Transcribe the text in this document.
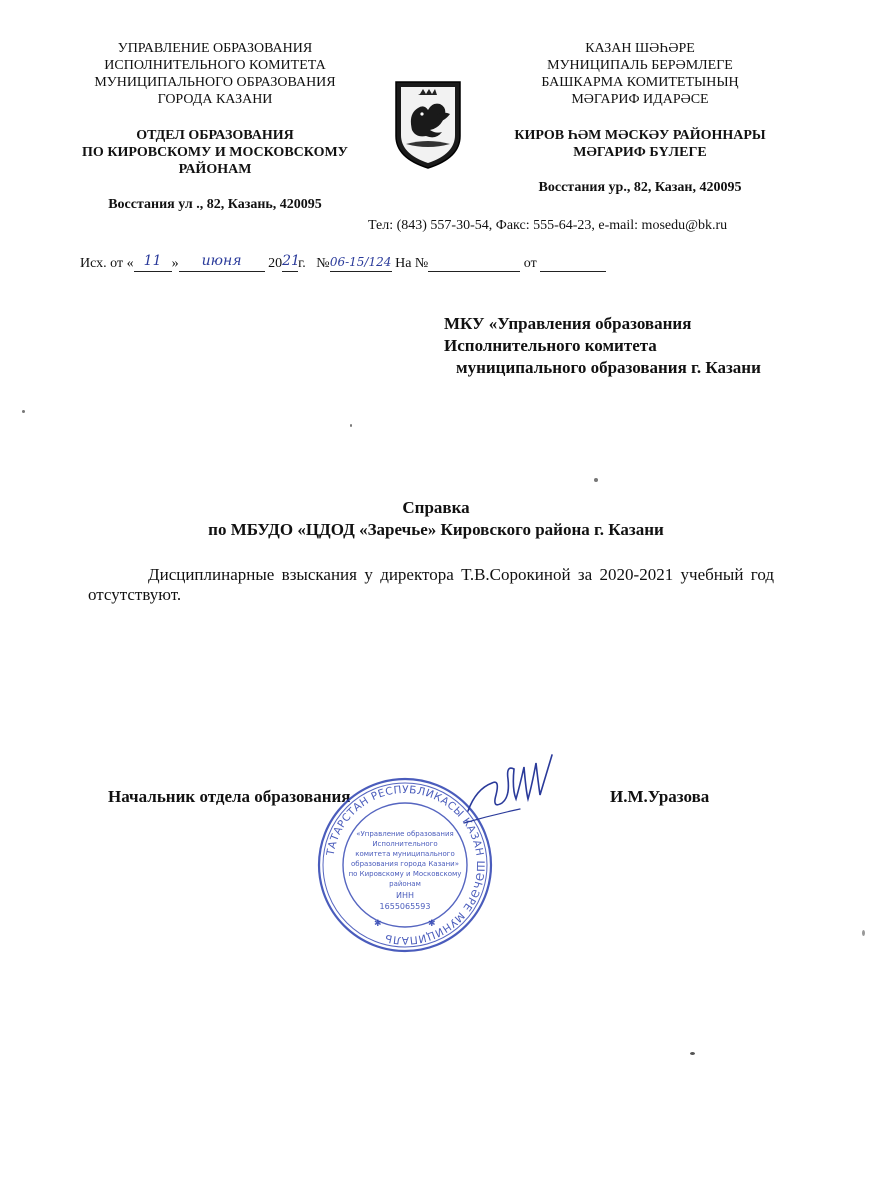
УПРАВЛЕНИЕ ОБРАЗОВАНИЯ
ИСПОЛНИТЕЛЬНОГО КОМИТЕТА
МУНИЦИПАЛЬНОГО ОБРАЗОВАНИЯ
ГОРОДА КАЗАНИ
ОТДЕЛ ОБРАЗОВАНИЯ
ПО КИРОВСКОМУ И МОСКОВСКОМУ
РАЙОНАМ
Восстания ул ., 82, Казань, 420095
КАЗАН ШӘҺӘРЕ
МУНИЦИПАЛЬ БЕРӘМЛЕГЕ
БАШКАРМА КОМИТЕТЫНЫҢ
МӘГАРИФ ИДАРӘСЕ
КИРОВ ҺӘМ МӘСКӘУ РАЙОННАРЫ
МӘГАРИФ БҮЛЕГЕ
Восстания ур., 82, Казан, 420095
Тел: (843) 557-30-54, Факс: 555-64-23, e-mail: mosedu@bk.ru
Исх. от « 11 »	июня	20 21
г. № 06-15/124 На №	от
МКУ «Управления образования
Исполнительного комитета
муниципального образования г. Казани
Справка
по МБУДО «ЦДОД «Заречье» Кировского района г. Казани
Дисциплинарные взыскания у директора Т.В.Сорокиной за 2020-2021 учебный год отсутствуют.
Начальник отдела образования	И.М.Уразова
ТАТАРСТАН РЕСПУБЛИКАСЫ КАЗАН ШӘҺӘРЕ МУНИЦИПАЛЬ
«Управление образования
Исполнительного
комитета муниципального
образования города Казани»
по Кировскому и Московскому
районам
ИНН
1655065593
✱	✱
